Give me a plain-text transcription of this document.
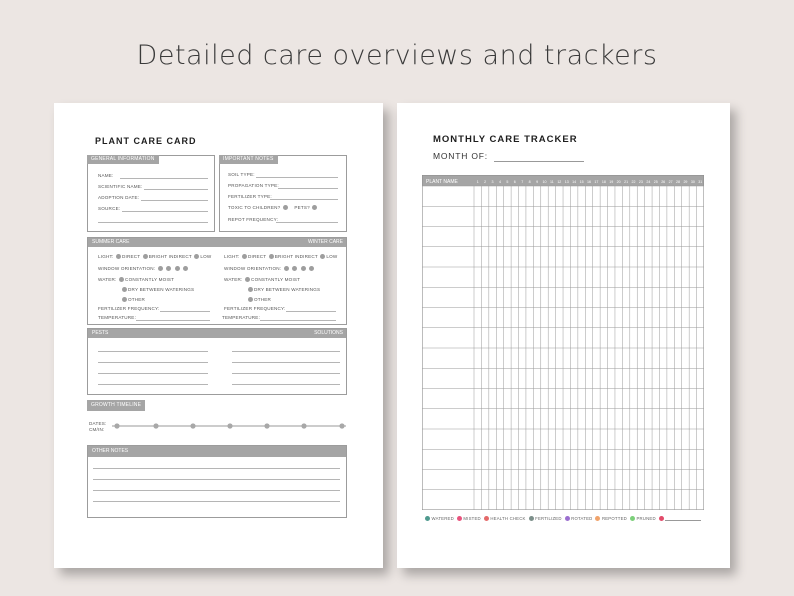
Detailed care overviews and trackers
PLANT CARE CARD
GENERAL INFORMATION
NAME:
SCIENTIFIC NAME:
ADOPTION DATE:
SOURCE:
IMPORTANT NOTES
SOIL TYPE:
PROPAGATION TYPE:
FERTILIZER TYPE:
TOXIC TO CHILDREN?	PETS?
REPOT FREQUENCY:
SUMMER CARE	WINTER CARE
LIGHT: DIRECT BRIGHT INDIRECT LOW
WINDOW ORIENTATION:
WATER: CONSTANTLY MOIST
DRY BETWEEN WATERINGS
OTHER
FERTILIZER FREQUENCY:
TEMPERATURE:
LIGHT: DIRECT BRIGHT INDIRECT LOW
WINDOW ORIENTATION:
WATER: CONSTANTLY MOIST
DRY BETWEEN WATERINGS
OTHER
FERTILIZER FREQUENCY:
TEMPERATURE:
PESTS	SOLUTIONS
GROWTH TIMELINE
DATES:
CM/IN:
OTHER NOTES
MONTHLY CARE TRACKER
MONTH OF:
PLANT NAME	1 2 3 4 5 6 7 8 9 10 11 12 13 14 15 16 17 18 19 20 21 22 23 24 25 26 27 28 29 30 31
WATERED MISTED HEALTH CHECK FERTILIZED ROTATED REPOTTED PRUNED
